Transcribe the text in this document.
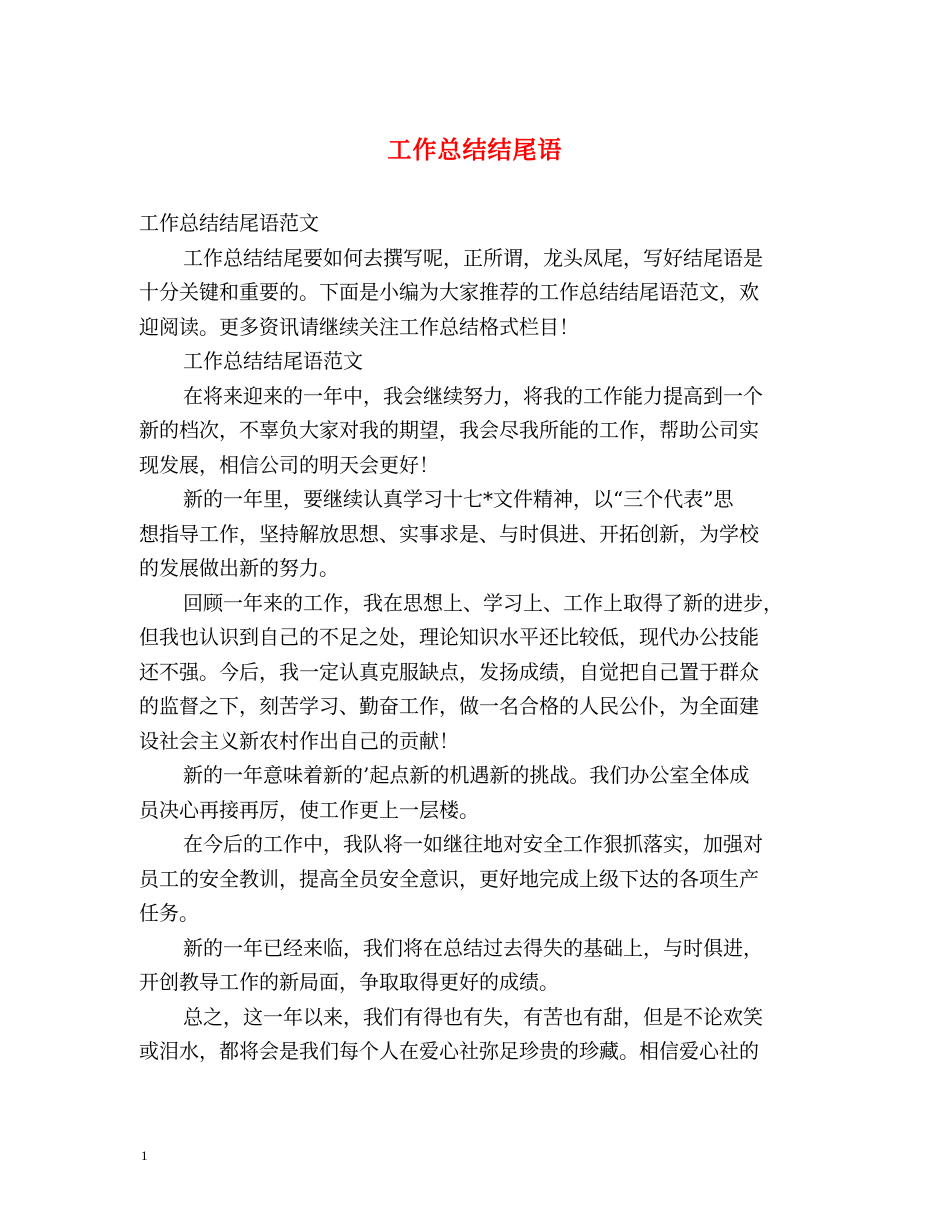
工作总结结尾语
工作总结结尾语范文
工作总结结尾要如何去撰写呢，正所谓，龙头凤尾，写好结尾语是
十分关键和重要的。下面是小编为大家推荐的工作总结结尾语范文，欢
迎阅读。更多资讯请继续关注工作总结格式栏目！
工作总结结尾语范文
在将来迎来的一年中，我会继续努力，将我的工作能力提高到一个
新的档次，不辜负大家对我的期望，我会尽我所能的工作，帮助公司实
现发展，相信公司的明天会更好！
新的一年里，要继续认真学习十七*文件精神，以“三个代表”思
想指导工作，坚持解放思想、实事求是、与时俱进、开拓创新，为学校
的发展做出新的努力。
回顾一年来的工作，我在思想上、学习上、工作上取得了新的进步，
但我也认识到自己的不足之处，理论知识水平还比较低，现代办公技能
还不强。今后，我一定认真克服缺点，发扬成绩，自觉把自己置于群众
的监督之下，刻苦学习、勤奋工作，做一名合格的人民公仆，为全面建
设社会主义新农村作出自己的贡献！
新的一年意味着新的’起点新的机遇新的挑战。我们办公室全体成
员决心再接再厉，使工作更上一层楼。
在今后的工作中，我队将一如继往地对安全工作狠抓落实，加强对
员工的安全教训，提高全员安全意识，更好地完成上级下达的各项生产
任务。
新的一年已经来临，我们将在总结过去得失的基础上，与时俱进，
开创教导工作的新局面，争取取得更好的成绩。
总之，这一年以来，我们有得也有失，有苦也有甜，但是不论欢笑
或泪水，都将会是我们每个人在爱心社弥足珍贵的珍藏。相信爱心社的
1
